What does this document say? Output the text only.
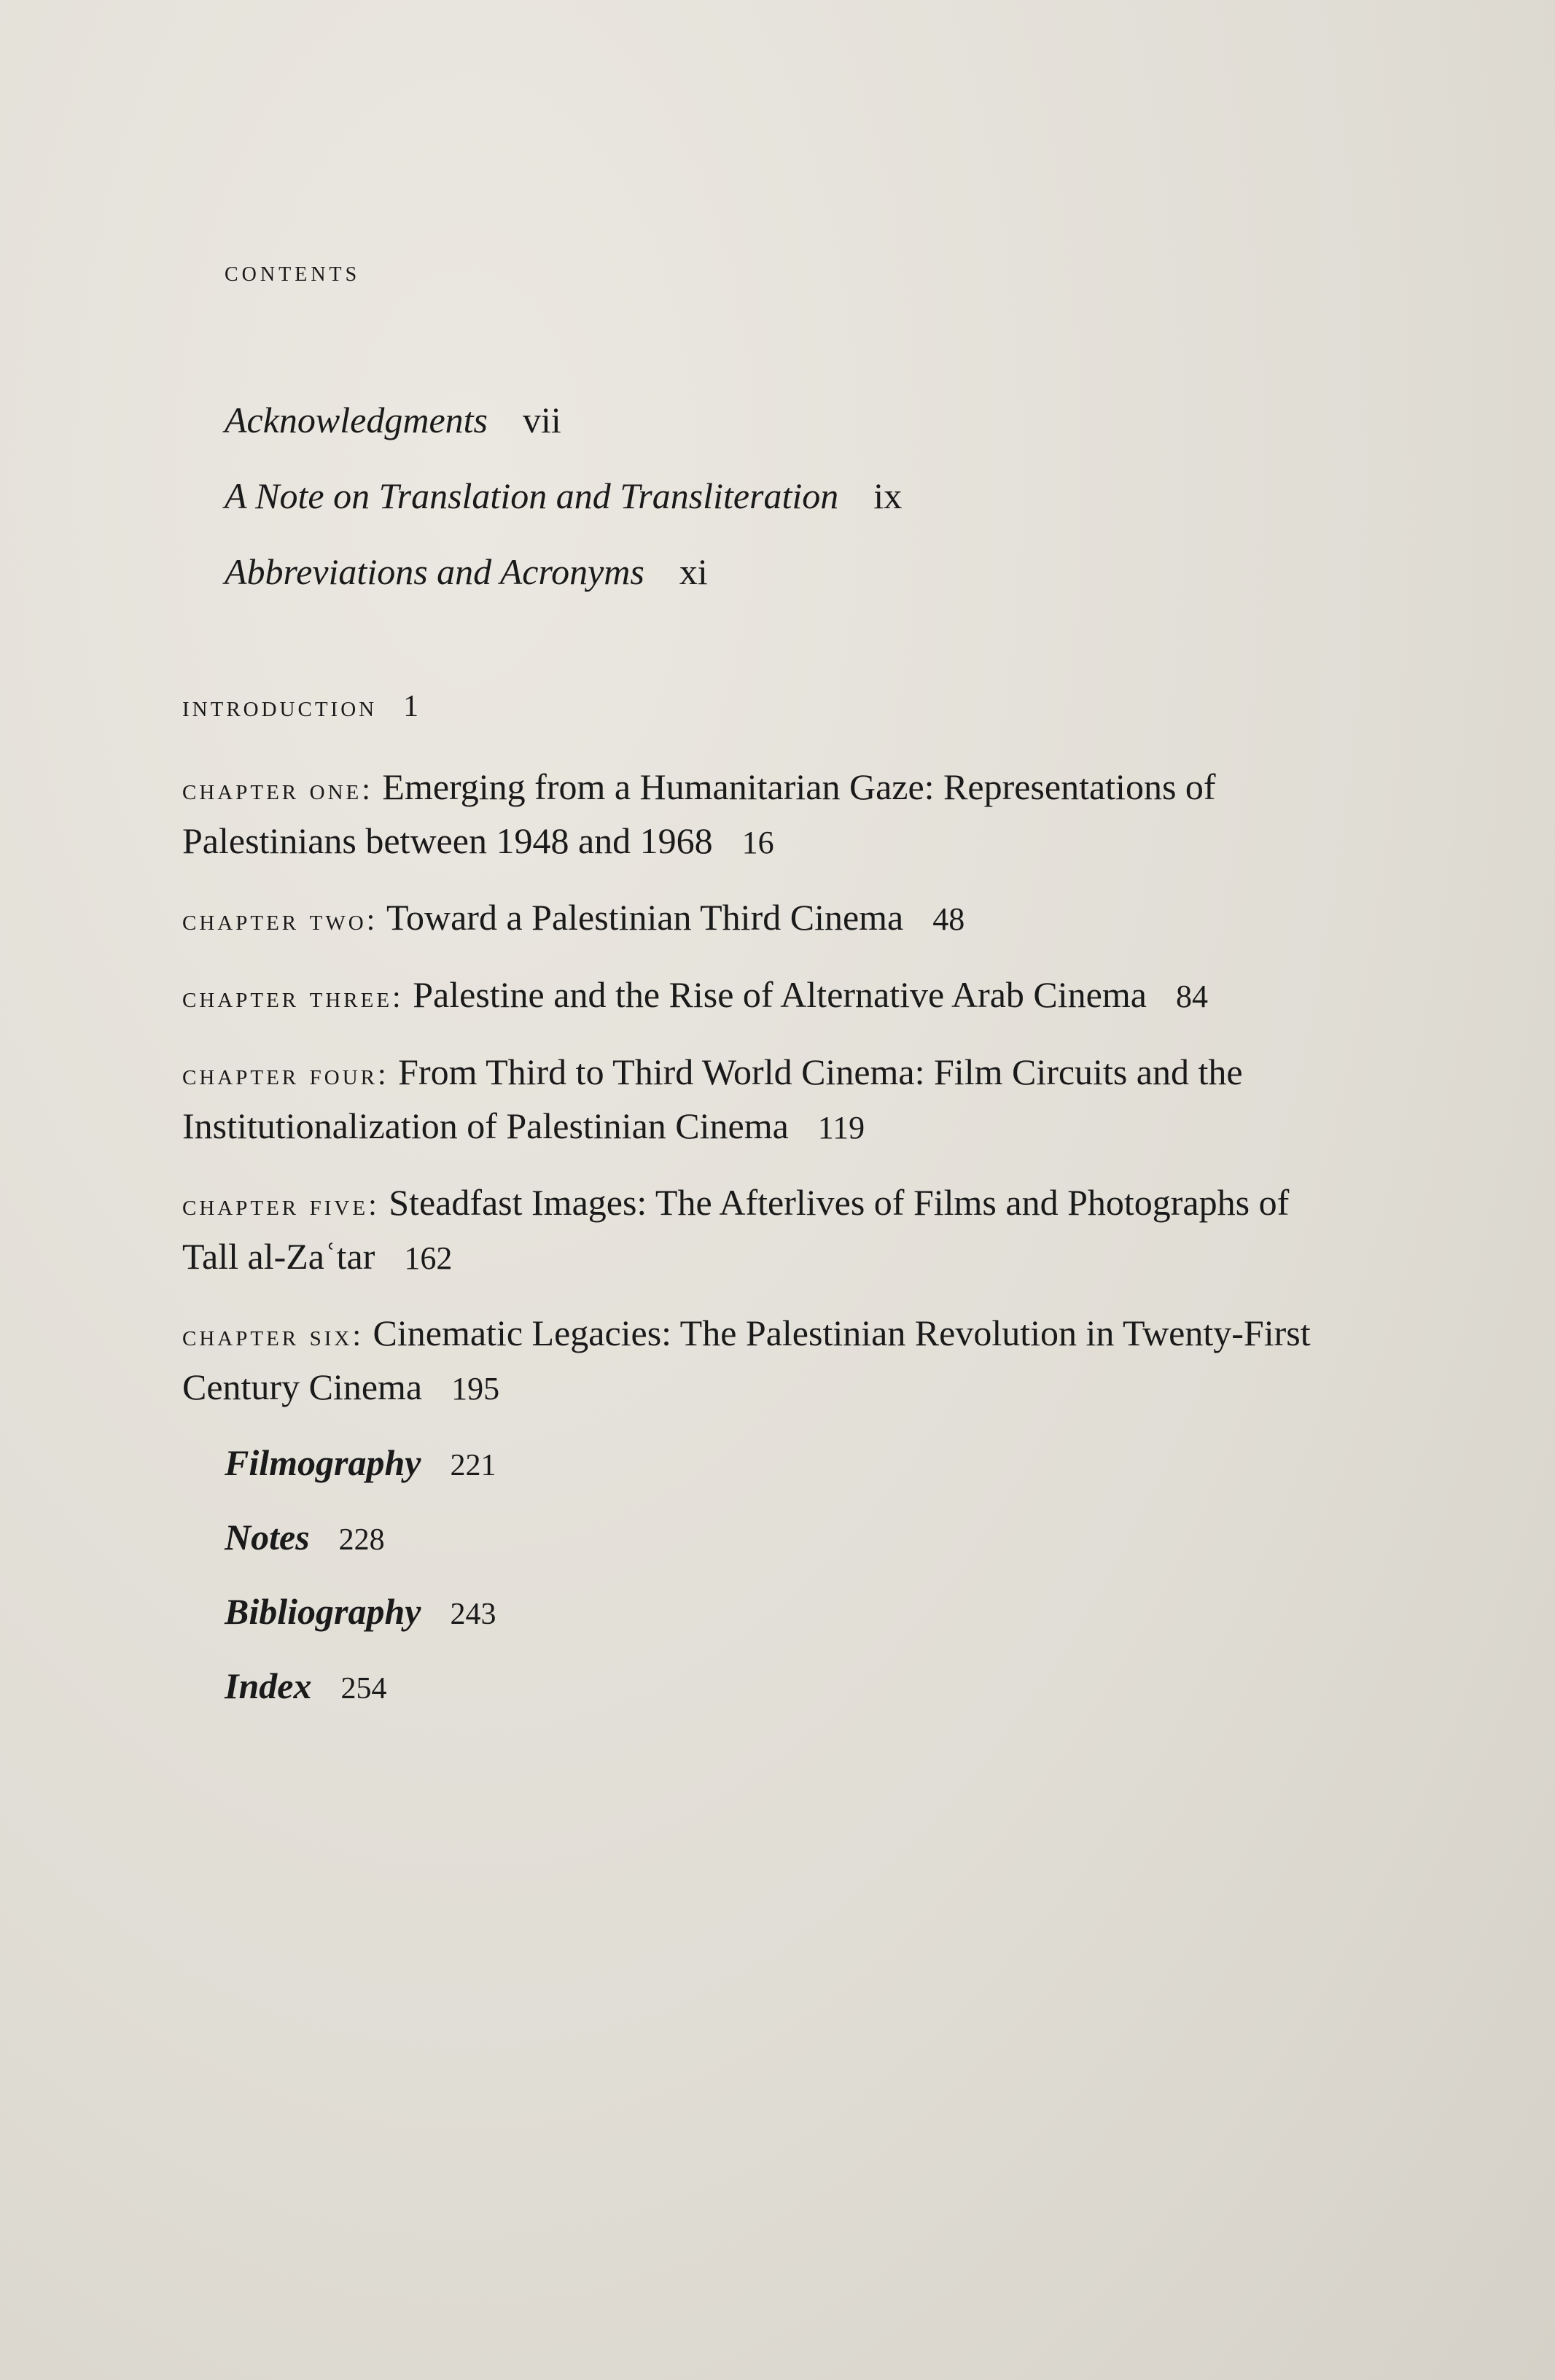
contents
Acknowledgments vii
A Note on Translation and Transliteration ix
Abbreviations and Acronyms xi
introduction 1
chapter one: Emerging from a Humanitarian Gaze: Representations of Palestinians between 1948 and 1968 16
chapter two: Toward a Palestinian Third Cinema 48
chapter three: Palestine and the Rise of Alternative Arab Cinema 84
chapter four: From Third to Third World Cinema: Film Circuits and the Institutionalization of Palestinian Cinema 119
chapter five: Steadfast Images: The Afterlives of Films and Photographs of Tall al-Zaʿtar 162
chapter six: Cinematic Legacies: The Palestinian Revolution in Twenty-First Century Cinema 195
Filmography 221
Notes 228
Bibliography 243
Index 254
